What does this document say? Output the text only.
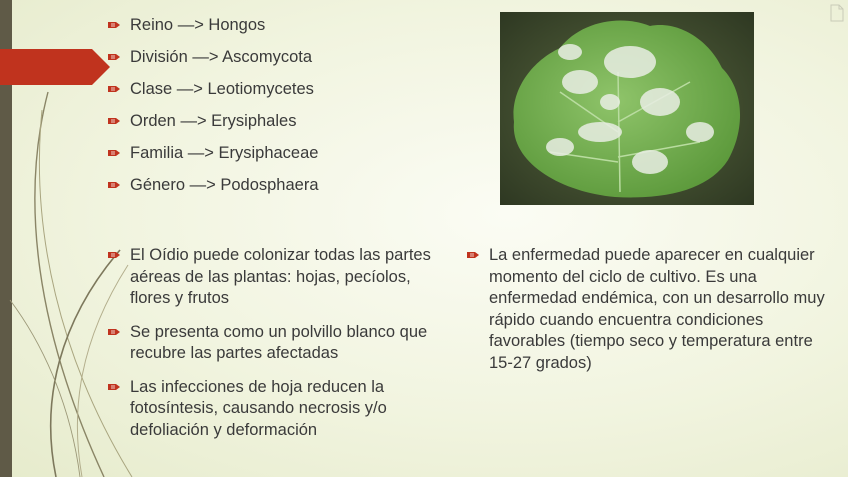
Reino —> Hongos
División —> Ascomycota
Clase —> Leotiomycetes
Orden —> Erysiphales
Familia —> Erysiphaceae
Género —> Podosphaera
El Oídio puede colonizar todas las partes aéreas de las plantas: hojas, pecíolos, flores y frutos
Se presenta como un polvillo blanco que recubre las partes afectadas
Las infecciones de hoja reducen la fotosíntesis, causando necrosis y/o defoliación y deformación
La enfermedad puede aparecer en cualquier momento del ciclo de cultivo. Es una enfermedad endémica, con un desarrollo muy rápido cuando encuentra condiciones favorables (tiempo seco y temperatura entre 15-27 grados)
